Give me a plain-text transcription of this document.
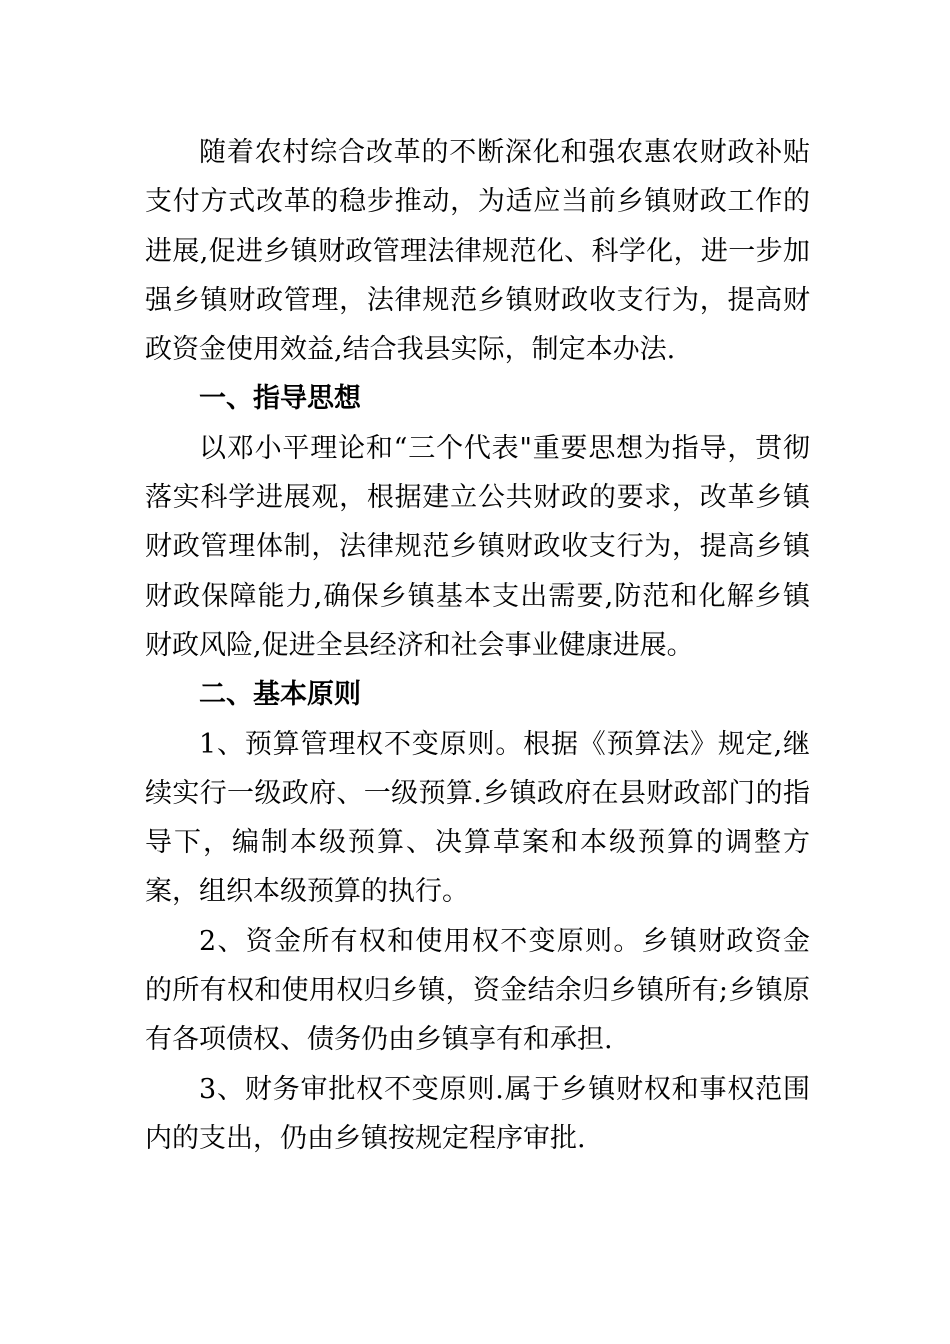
随着农村综合改革的不断深化和强农惠农财政补贴支付方式改革的稳步推动，为适应当前乡镇财政工作的进展,促进乡镇财政管理法律规范化、科学化，进一步加强乡镇财政管理，法律规范乡镇财政收支行为，提高财政资金使用效益,结合我县实际，制定本办法.

一、指导思想

以邓小平理论和“三个代表"重要思想为指导，贯彻落实科学进展观，根据建立公共财政的要求，改革乡镇财政管理体制，法律规范乡镇财政收支行为，提高乡镇财政保障能力,确保乡镇基本支出需要,防范和化解乡镇财政风险,促进全县经济和社会事业健康进展。

二、基本原则

1、预算管理权不变原则。根据《预算法》规定,继续实行一级政府、一级预算.乡镇政府在县财政部门的指导下，编制本级预算、决算草案和本级预算的调整方案，组织本级预算的执行。

2、资金所有权和使用权不变原则。乡镇财政资金的所有权和使用权归乡镇，资金结余归乡镇所有;乡镇原有各项债权、债务仍由乡镇享有和承担.

3、财务审批权不变原则.属于乡镇财权和事权范围内的支出，仍由乡镇按规定程序审批.
